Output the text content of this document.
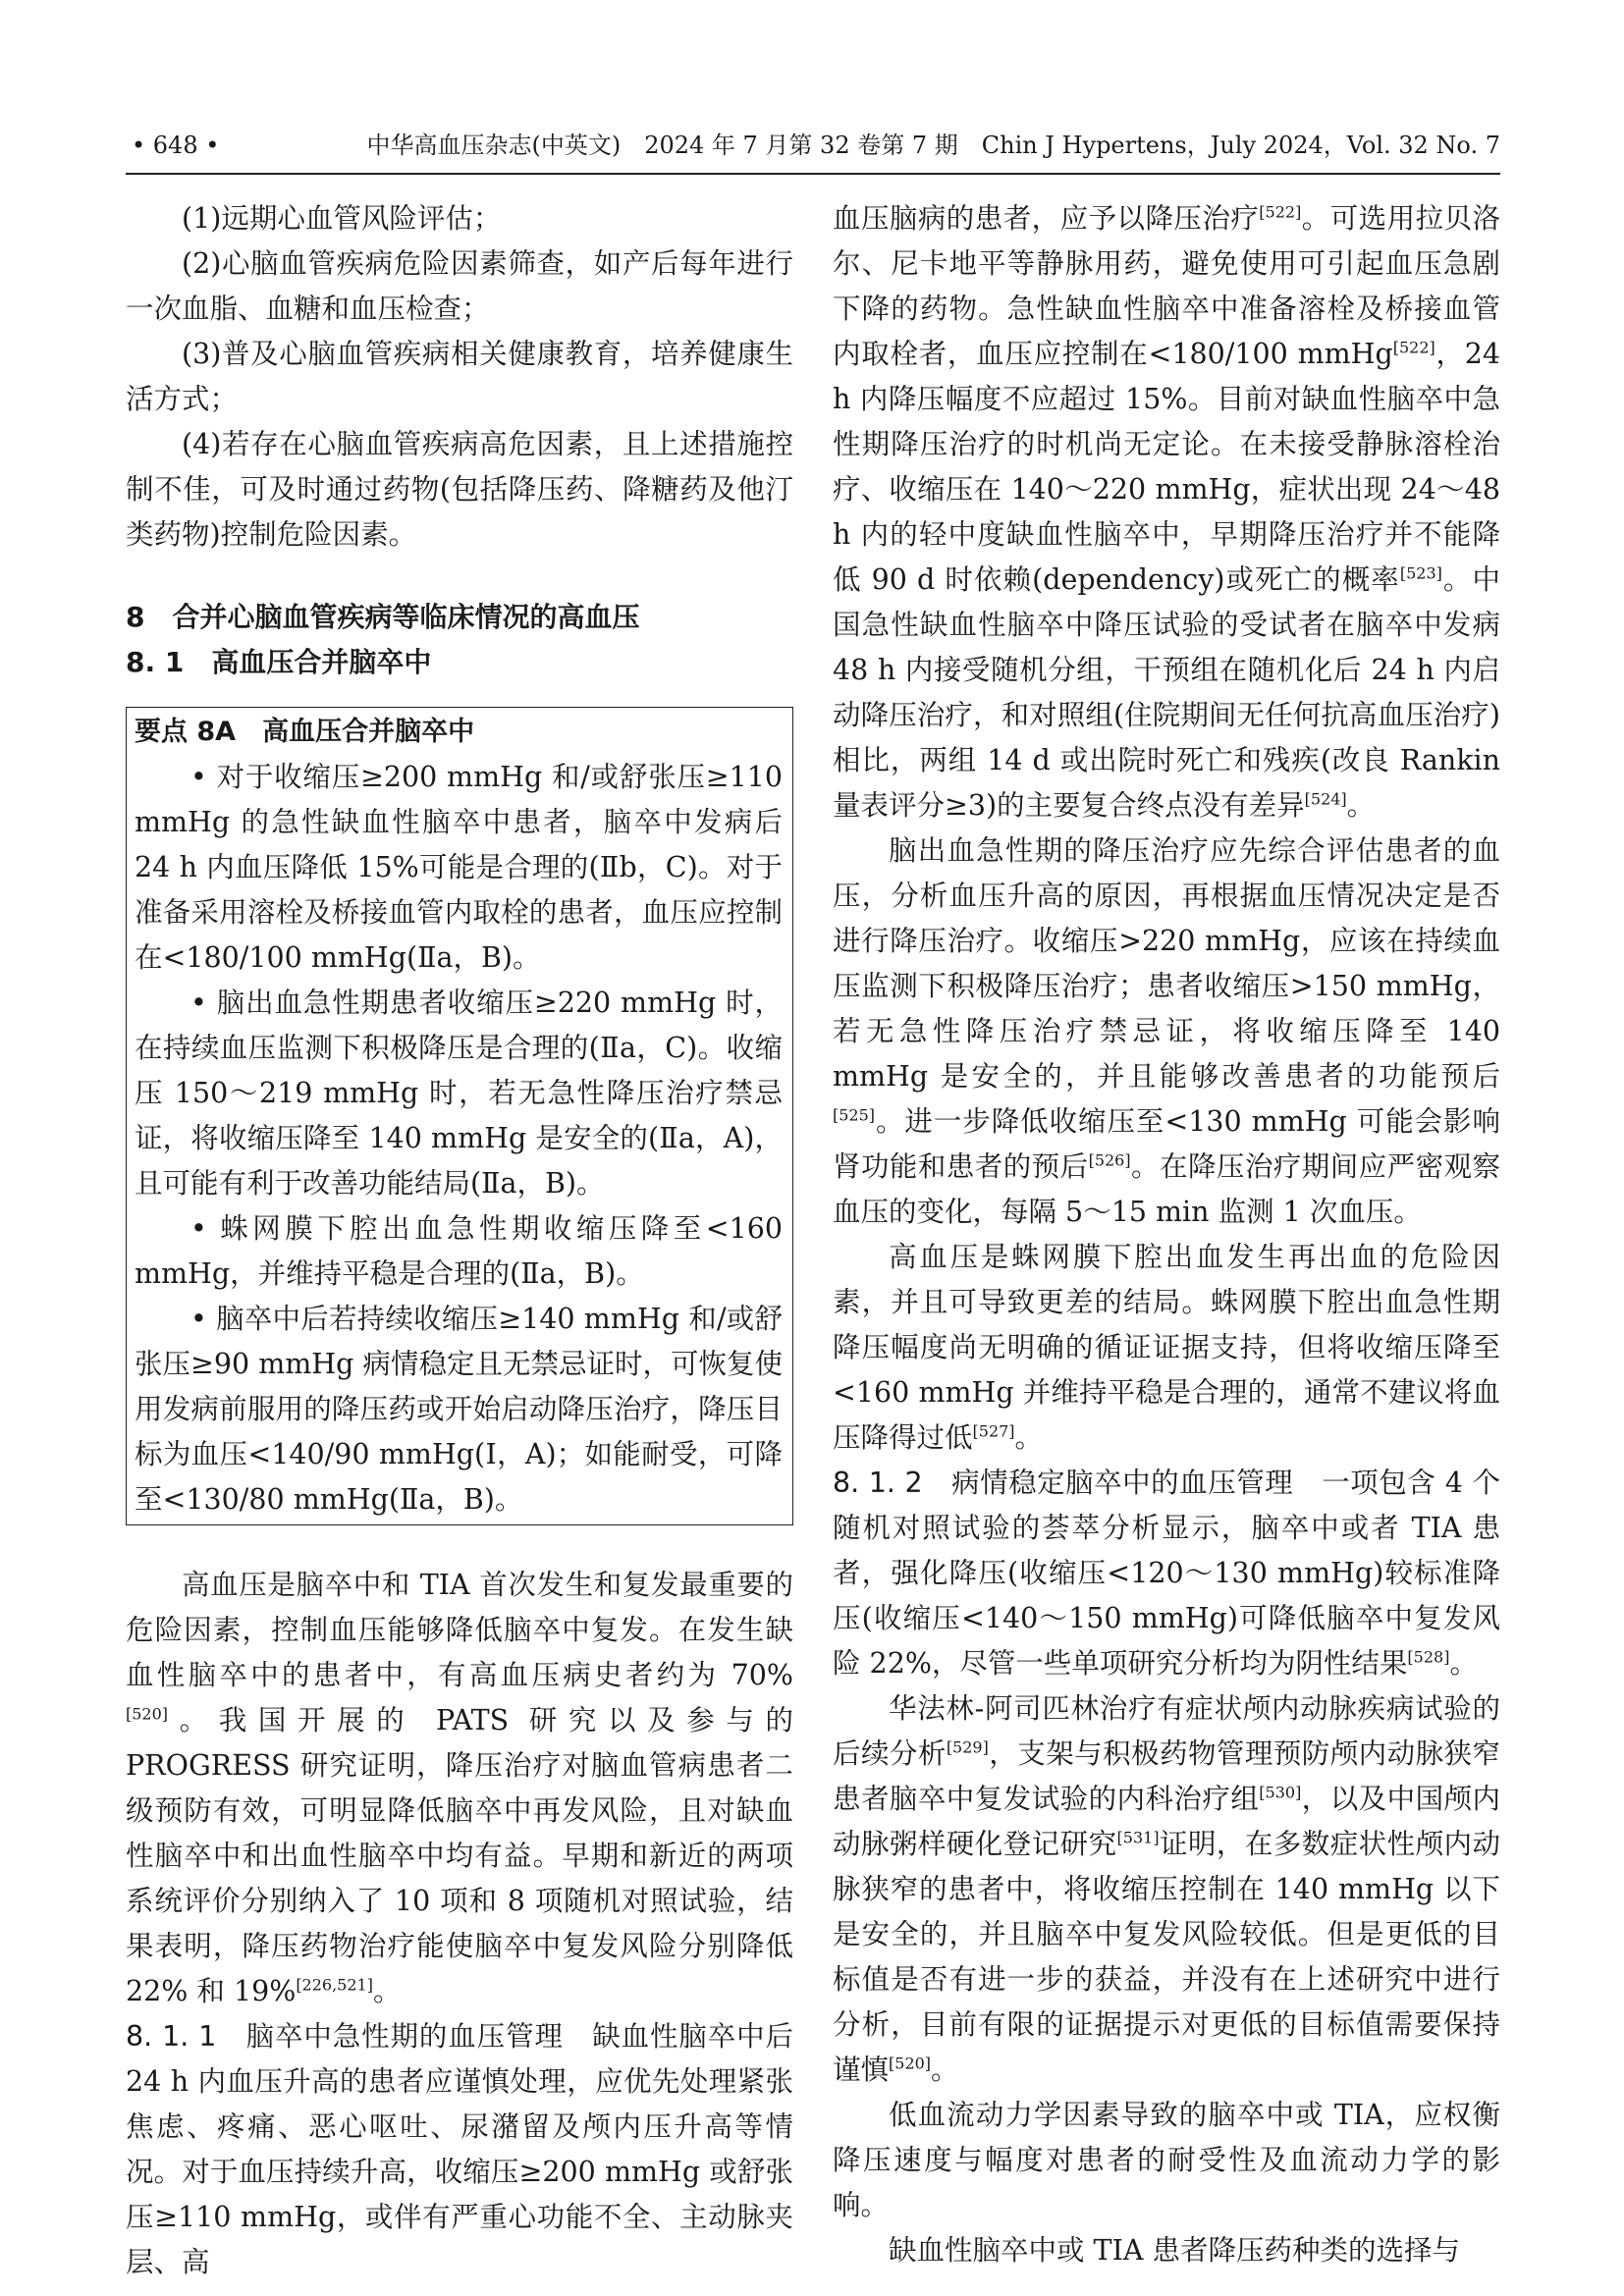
• 648 •	中华高血压杂志(中英文)　2024 年 7 月第 32 卷第 7 期　Chin J Hypertens，July 2024，Vol. 32 No. 7

(1)远期心血管风险评估；

(2)心脑血管疾病危险因素筛查，如产后每年进行一次血脂、血糖和血压检查；

(3)普及心脑血管疾病相关健康教育，培养健康生活方式；

(4)若存在心脑血管疾病高危因素，且上述措施控制不佳，可及时通过药物(包括降压药、降糖药及他汀类药物)控制危险因素。

8　合并心脑血管疾病等临床情况的高血压
8. 1　高血压合并脑卒中
要点 8A　高血压合并脑卒中

• 对于收缩压≥200 mmHg 和/或舒张压≥110 mmHg 的急性缺血性脑卒中患者，脑卒中发病后 24 h 内血压降低 15%可能是合理的(Ⅱb，C)。对于准备采用溶栓及桥接血管内取栓的患者，血压应控制在<180/100 mmHg(Ⅱa，B)。

• 脑出血急性期患者收缩压≥220 mmHg 时，在持续血压监测下积极降压是合理的(Ⅱa，C)。收缩压 150～219 mmHg 时，若无急性降压治疗禁忌证，将收缩压降至 140 mmHg 是安全的(Ⅱa，A)，且可能有利于改善功能结局(Ⅱa，B)。

• 蛛网膜下腔出血急性期收缩压降至<160 mmHg，并维持平稳是合理的(Ⅱa，B)。

• 脑卒中后若持续收缩压≥140 mmHg 和/或舒张压≥90 mmHg 病情稳定且无禁忌证时，可恢复使用发病前服用的降压药或开始启动降压治疗，降压目标为血压<140/90 mmHg(Ⅰ，A)；如能耐受，可降至<130/80 mmHg(Ⅱa，B)。

高血压是脑卒中和 TIA 首次发生和复发最重要的危险因素，控制血压能够降低脑卒中复发。在发生缺血性脑卒中的患者中，有高血压病史者约为 70%[520]。我国开展的 PATS 研究以及参与的 PROGRESS 研究证明，降压治疗对脑血管病患者二级预防有效，可明显降低脑卒中再发风险，且对缺血性脑卒中和出血性脑卒中均有益。早期和新近的两项系统评价分别纳入了 10 项和 8 项随机对照试验，结果表明，降压药物治疗能使脑卒中复发风险分别降低 22% 和 19%[226,521]。

8. 1. 1　脑卒中急性期的血压管理　缺血性脑卒中后 24 h 内血压升高的患者应谨慎处理，应优先处理紧张焦虑、疼痛、恶心呕吐、尿潴留及颅内压升高等情况。对于血压持续升高，收缩压≥200 mmHg 或舒张压≥110 mmHg，或伴有严重心功能不全、主动脉夹层、高

血压脑病的患者，应予以降压治疗[522]。可选用拉贝洛尔、尼卡地平等静脉用药，避免使用可引起血压急剧下降的药物。急性缺血性脑卒中准备溶栓及桥接血管内取栓者，血压应控制在<180/100 mmHg[522]，24 h 内降压幅度不应超过 15%。目前对缺血性脑卒中急性期降压治疗的时机尚无定论。在未接受静脉溶栓治疗、收缩压在 140～220 mmHg，症状出现 24～48 h 内的轻中度缺血性脑卒中，早期降压治疗并不能降低 90 d 时依赖(dependency)或死亡的概率[523]。中国急性缺血性脑卒中降压试验的受试者在脑卒中发病 48 h 内接受随机分组，干预组在随机化后 24 h 内启动降压治疗，和对照组(住院期间无任何抗高血压治疗)相比，两组 14 d 或出院时死亡和残疾(改良 Rankin 量表评分≥3)的主要复合终点没有差异[524]。

脑出血急性期的降压治疗应先综合评估患者的血压，分析血压升高的原因，再根据血压情况决定是否进行降压治疗。收缩压>220 mmHg，应该在持续血压监测下积极降压治疗；患者收缩压>150 mmHg，若无急性降压治疗禁忌证，将收缩压降至 140 mmHg 是安全的，并且能够改善患者的功能预后[525]。进一步降低收缩压至<130 mmHg 可能会影响肾功能和患者的预后[526]。在降压治疗期间应严密观察血压的变化，每隔 5～15 min 监测 1 次血压。

高血压是蛛网膜下腔出血发生再出血的危险因素，并且可导致更差的结局。蛛网膜下腔出血急性期降压幅度尚无明确的循证证据支持，但将收缩压降至<160 mmHg 并维持平稳是合理的，通常不建议将血压降得过低[527]。

8. 1. 2　病情稳定脑卒中的血压管理　一项包含 4 个随机对照试验的荟萃分析显示，脑卒中或者 TIA 患者，强化降压(收缩压<120～130 mmHg)较标准降压(收缩压<140～150 mmHg)可降低脑卒中复发风险 22%，尽管一些单项研究分析均为阴性结果[528]。

华法林-阿司匹林治疗有症状颅内动脉疾病试验的后续分析[529]，支架与积极药物管理预防颅内动脉狭窄患者脑卒中复发试验的内科治疗组[530]，以及中国颅内动脉粥样硬化登记研究[531]证明，在多数症状性颅内动脉狭窄的患者中，将收缩压控制在 140 mmHg 以下是安全的，并且脑卒中复发风险较低。但是更低的目标值是否有进一步的获益，并没有在上述研究中进行分析，目前有限的证据提示对更低的目标值需要保持谨慎[520]。

低血流动力学因素导致的脑卒中或 TIA，应权衡降压速度与幅度对患者的耐受性及血流动力学的影响。

缺血性脑卒中或 TIA 患者降压药种类的选择与
